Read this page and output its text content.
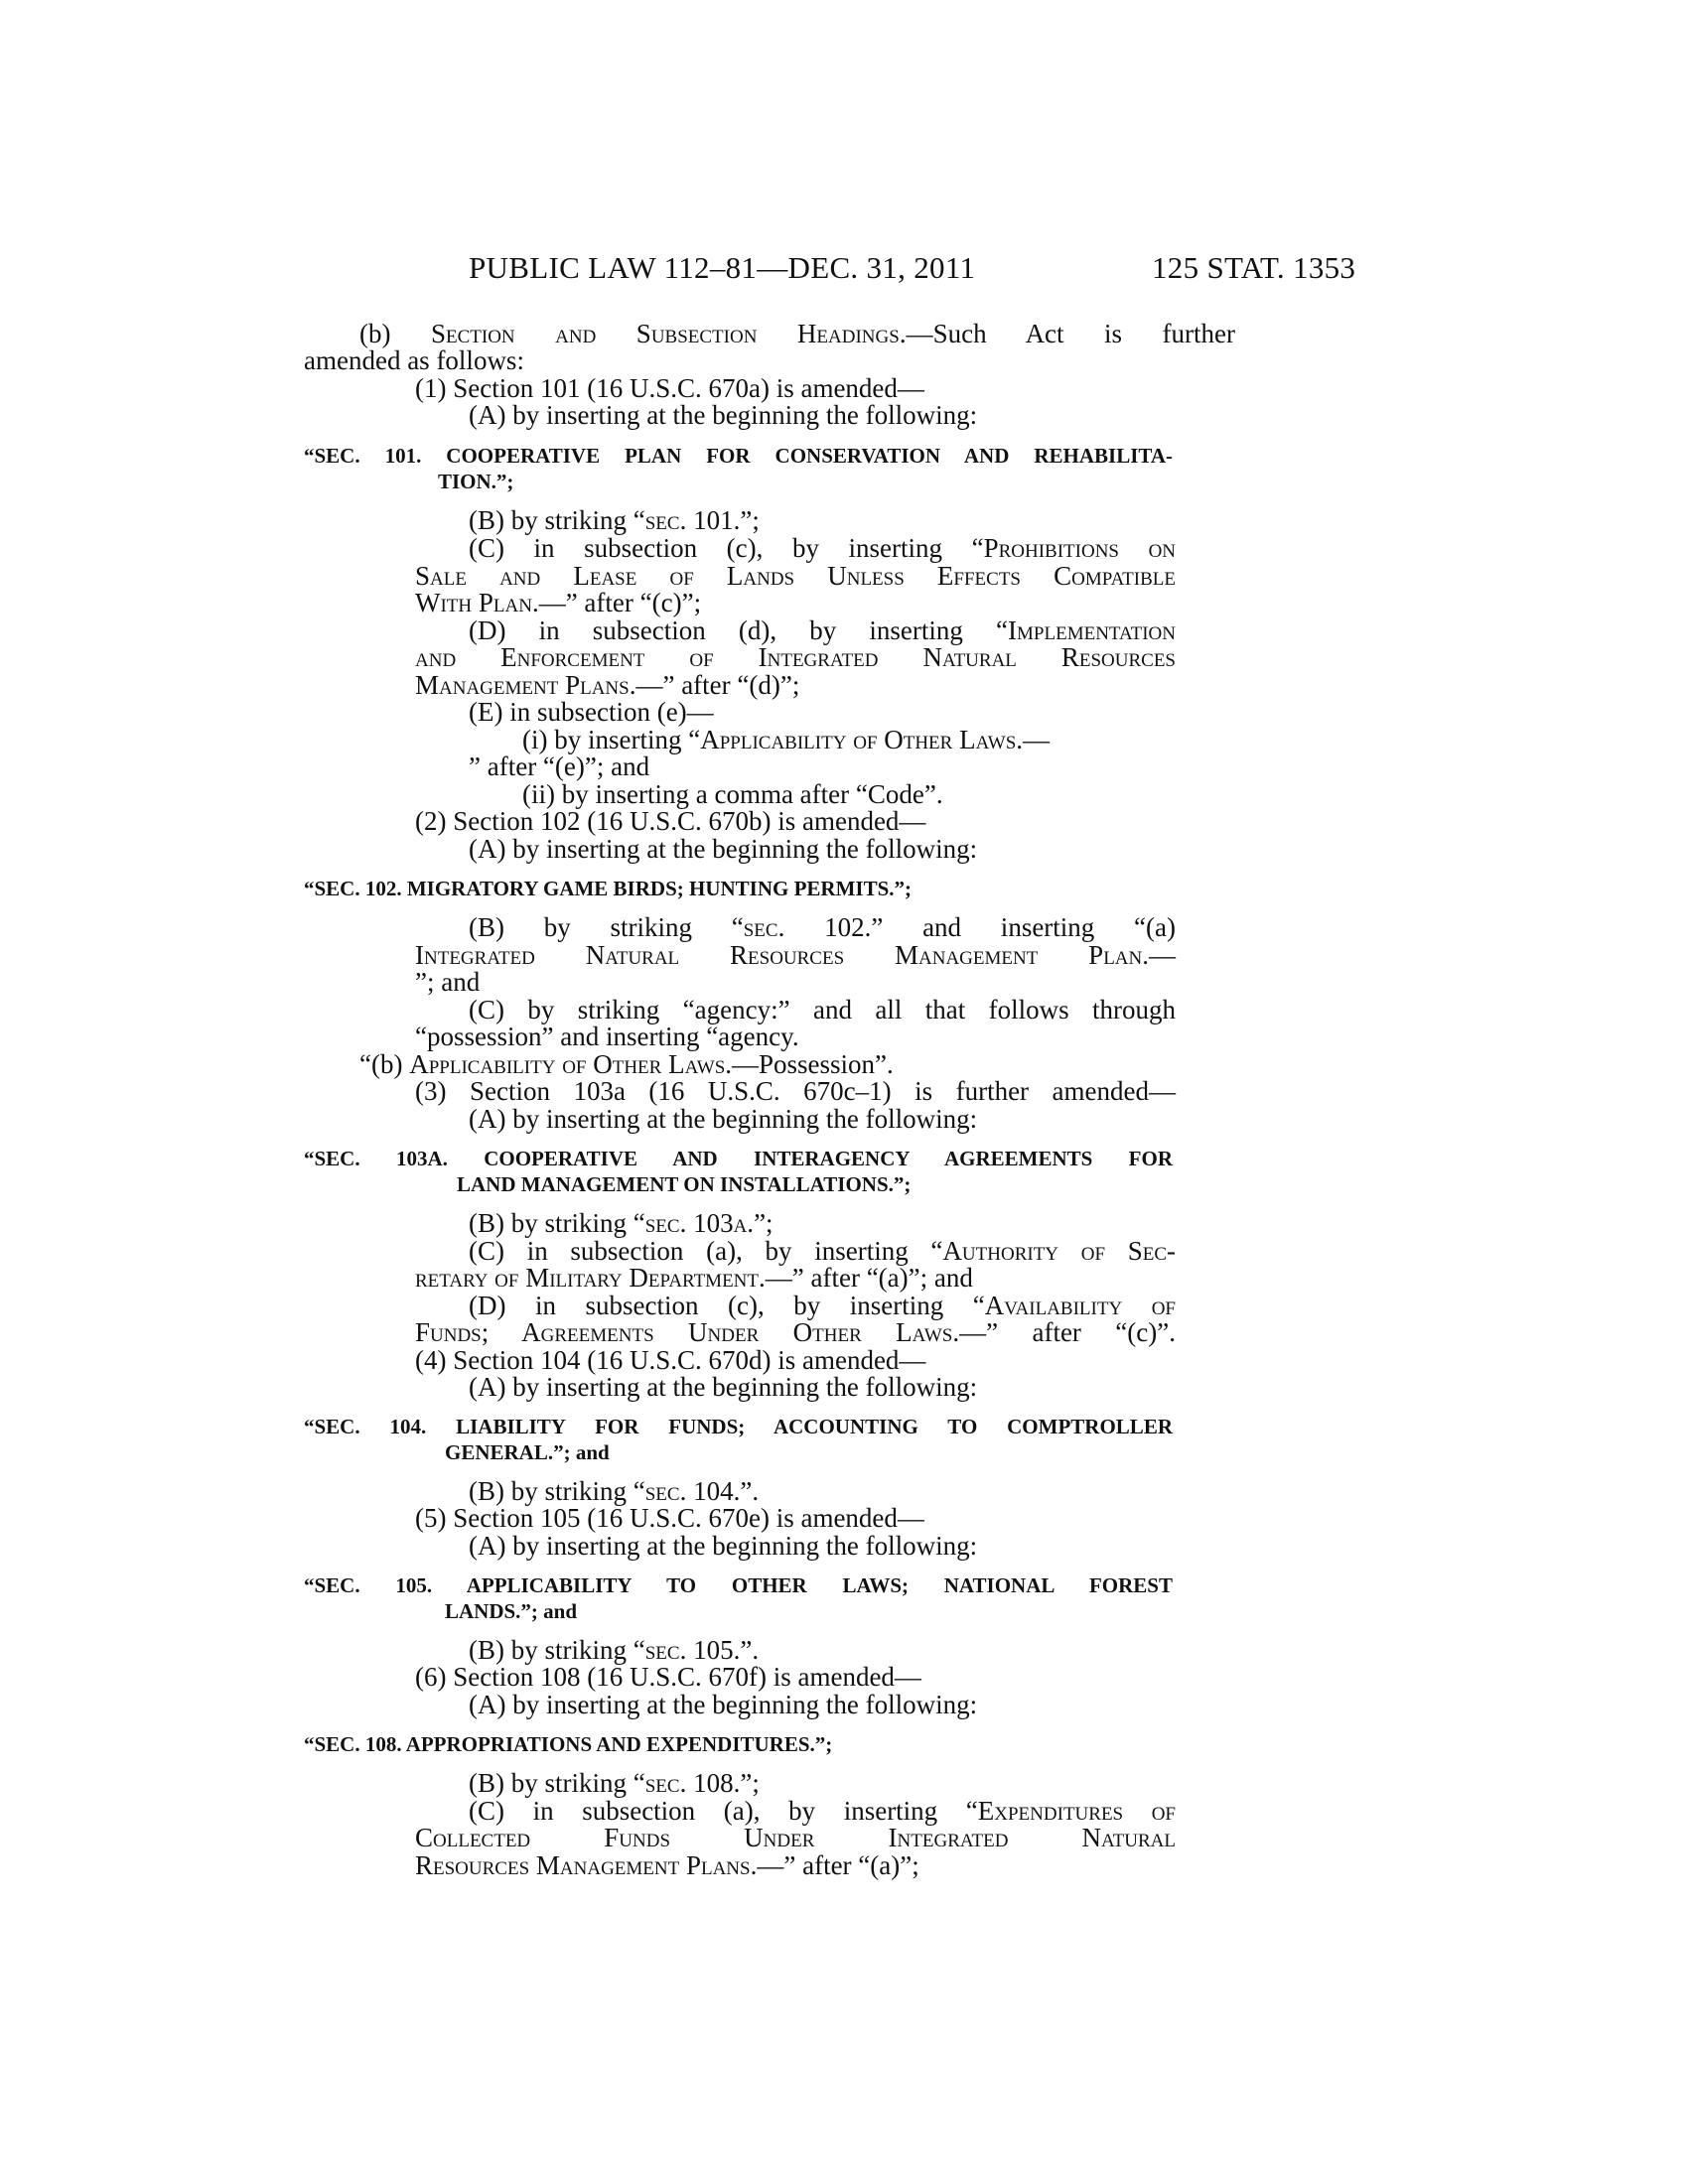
PUBLIC LAW 112–81—DEC. 31, 2011	125 STAT. 1353
(b) Section and Subsection Headings.—Such Act is further
amended as follows:
(1) Section 101 (16 U.S.C. 670a) is amended—
(A) by inserting at the beginning the following:
“SEC. 101. COOPERATIVE PLAN FOR CONSERVATION AND REHABILITA-
TION.”;
(B) by striking “sec. 101.”;
(C) in subsection (c), by inserting “Prohibitions on
Sale and Lease of Lands Unless Effects Compatible
With Plan.—” after “(c)”;
(D) in subsection (d), by inserting “Implementation
and Enforcement of Integrated Natural Resources
Management Plans.—” after “(d)”;
(E) in subsection (e)—
(i) by inserting “Applicability of Other Laws.—
” after “(e)”; and
(ii) by inserting a comma after “Code”.
(2) Section 102 (16 U.S.C. 670b) is amended—
(A) by inserting at the beginning the following:
“SEC. 102. MIGRATORY GAME BIRDS; HUNTING PERMITS.”;
(B) by striking “sec. 102.” and inserting “(a)
Integrated Natural Resources Management Plan.—
”; and
(C) by striking “agency:” and all that follows through
“possession” and inserting “agency.
“(b) Applicability of Other Laws.—Possession”.
(3) Section 103a (16 U.S.C. 670c–1) is further amended—
(A) by inserting at the beginning the following:
“SEC. 103A. COOPERATIVE AND INTERAGENCY AGREEMENTS FOR
LAND MANAGEMENT ON INSTALLATIONS.”;
(B) by striking “sec. 103a.”;
(C) in subsection (a), by inserting “Authority of Sec-
retary of Military Department.—” after “(a)”; and
(D) in subsection (c), by inserting “Availability of
Funds; Agreements Under Other Laws.—” after “(c)”.
(4) Section 104 (16 U.S.C. 670d) is amended—
(A) by inserting at the beginning the following:
“SEC. 104. LIABILITY FOR FUNDS; ACCOUNTING TO COMPTROLLER
GENERAL.”; and
(B) by striking “sec. 104.”.
(5) Section 105 (16 U.S.C. 670e) is amended—
(A) by inserting at the beginning the following:
“SEC. 105. APPLICABILITY TO OTHER LAWS; NATIONAL FOREST
LANDS.”; and
(B) by striking “sec. 105.”.
(6) Section 108 (16 U.S.C. 670f) is amended—
(A) by inserting at the beginning the following:
“SEC. 108. APPROPRIATIONS AND EXPENDITURES.”;
(B) by striking “sec. 108.”;
(C) in subsection (a), by inserting “Expenditures of
Collected Funds Under Integrated Natural
Resources Management Plans.—” after “(a)”;
